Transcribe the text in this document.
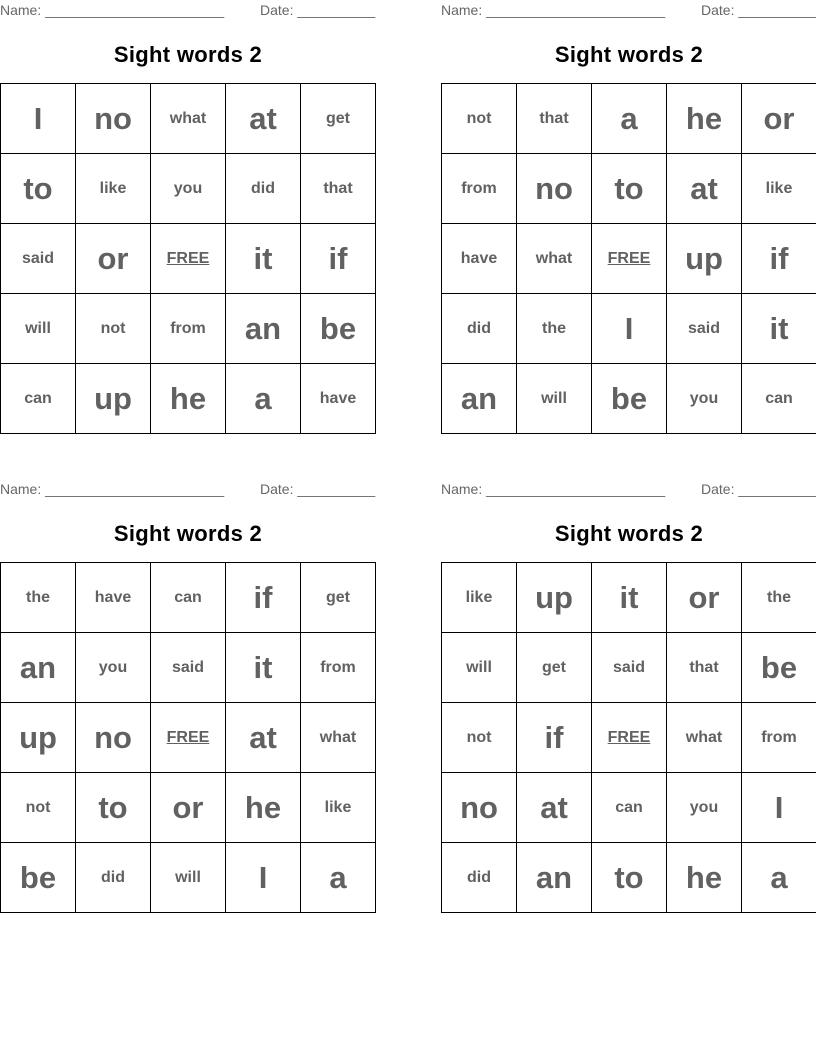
Name: _______________________	Date: __________
Sight words 2
I	no	what	at	get
to	like	you	did	that
said	or	FREE	it	if
will	not	from	an	be
can	up	he	a	have
Name: _______________________	Date: __________
Sight words 2
not	that	a	he	or
from	no	to	at	like
have	what	FREE	up	if
did	the	I	said	it
an	will	be	you	can
Name: _______________________	Date: __________
Sight words 2
the	have	can	if	get
an	you	said	it	from
up	no	FREE	at	what
not	to	or	he	like
be	did	will	I	a
Name: _______________________	Date: __________
Sight words 2
like	up	it	or	the
will	get	said	that	be
not	if	FREE	what	from
no	at	can	you	I
did	an	to	he	a
